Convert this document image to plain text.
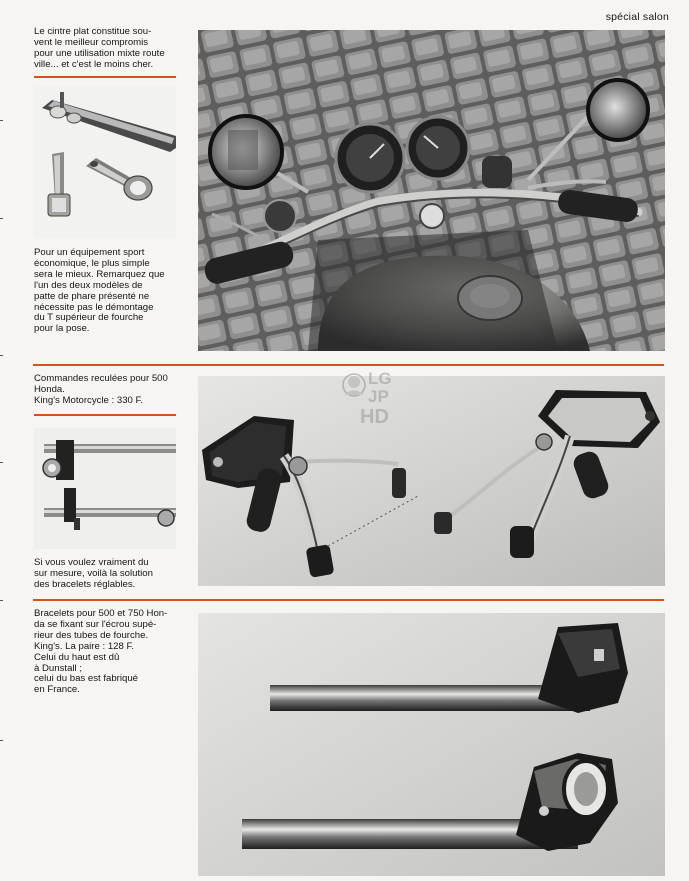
spécial salon

Le cintre plat constitue sou-
vent le meilleur compromis
pour une utilisation mixte route
ville... et c'est le moins cher.

Pour un équipement sport
économique, le plus simple
sera le mieux. Remarquez que
l'un des deux modèles de
patte de phare présenté ne
nécessite pas le démontage
du T supérieur de fourche
pour la pose.

Commandes reculées pour 500
Honda.
King's Motorcycle : 330 F.

Si vous voulez vraiment du
sur mesure, voilà la solution
des bracelets réglables.

LG
JP
HD

Bracelets pour 500 et 750 Hon-
da se fixant sur l'écrou supé-
rieur des tubes de fourche.
King's. La paire : 128 F.
Celui du haut est dû
à Dunstall ;
celui du bas est fabriqué
en France.
